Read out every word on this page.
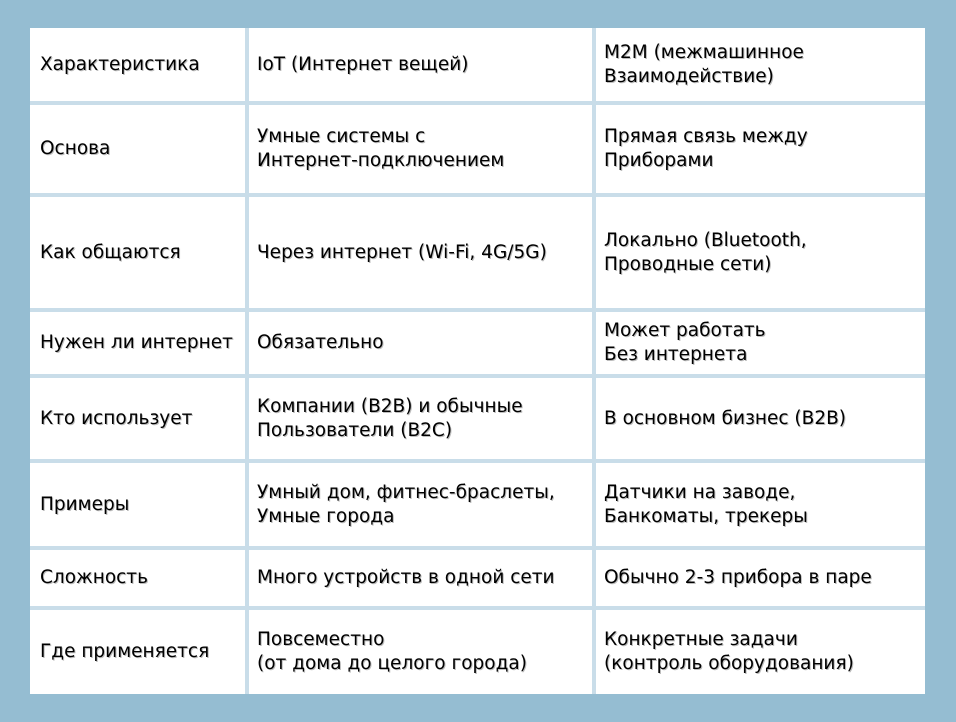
Характеристика	IoT (Интернет вещей)	M2M (межмашинное
Взаимодействие)

Основа	Умные системы с
Интернет-подключением	Прямая связь между
Приборами

Как общаются	Через интернет (Wi-Fi, 4G/5G)	Локально (Bluetooth,
Проводные сети)

Нужен ли интернет	Обязательно	Может работать
Без интернета

Кто использует	Компании (B2B) и обычные
Пользователи (B2C)	В основном бизнес (B2B)

Примеры	Умный дом, фитнес-браслеты,
Умные города	Датчики на заводе,
Банкоматы, трекеры

Сложность	Много устройств в одной сети	Обычно 2-3 прибора в паре

Где применяется	Повсеместно
(от дома до целого города)	Конкретные задачи
(контроль оборудования)
